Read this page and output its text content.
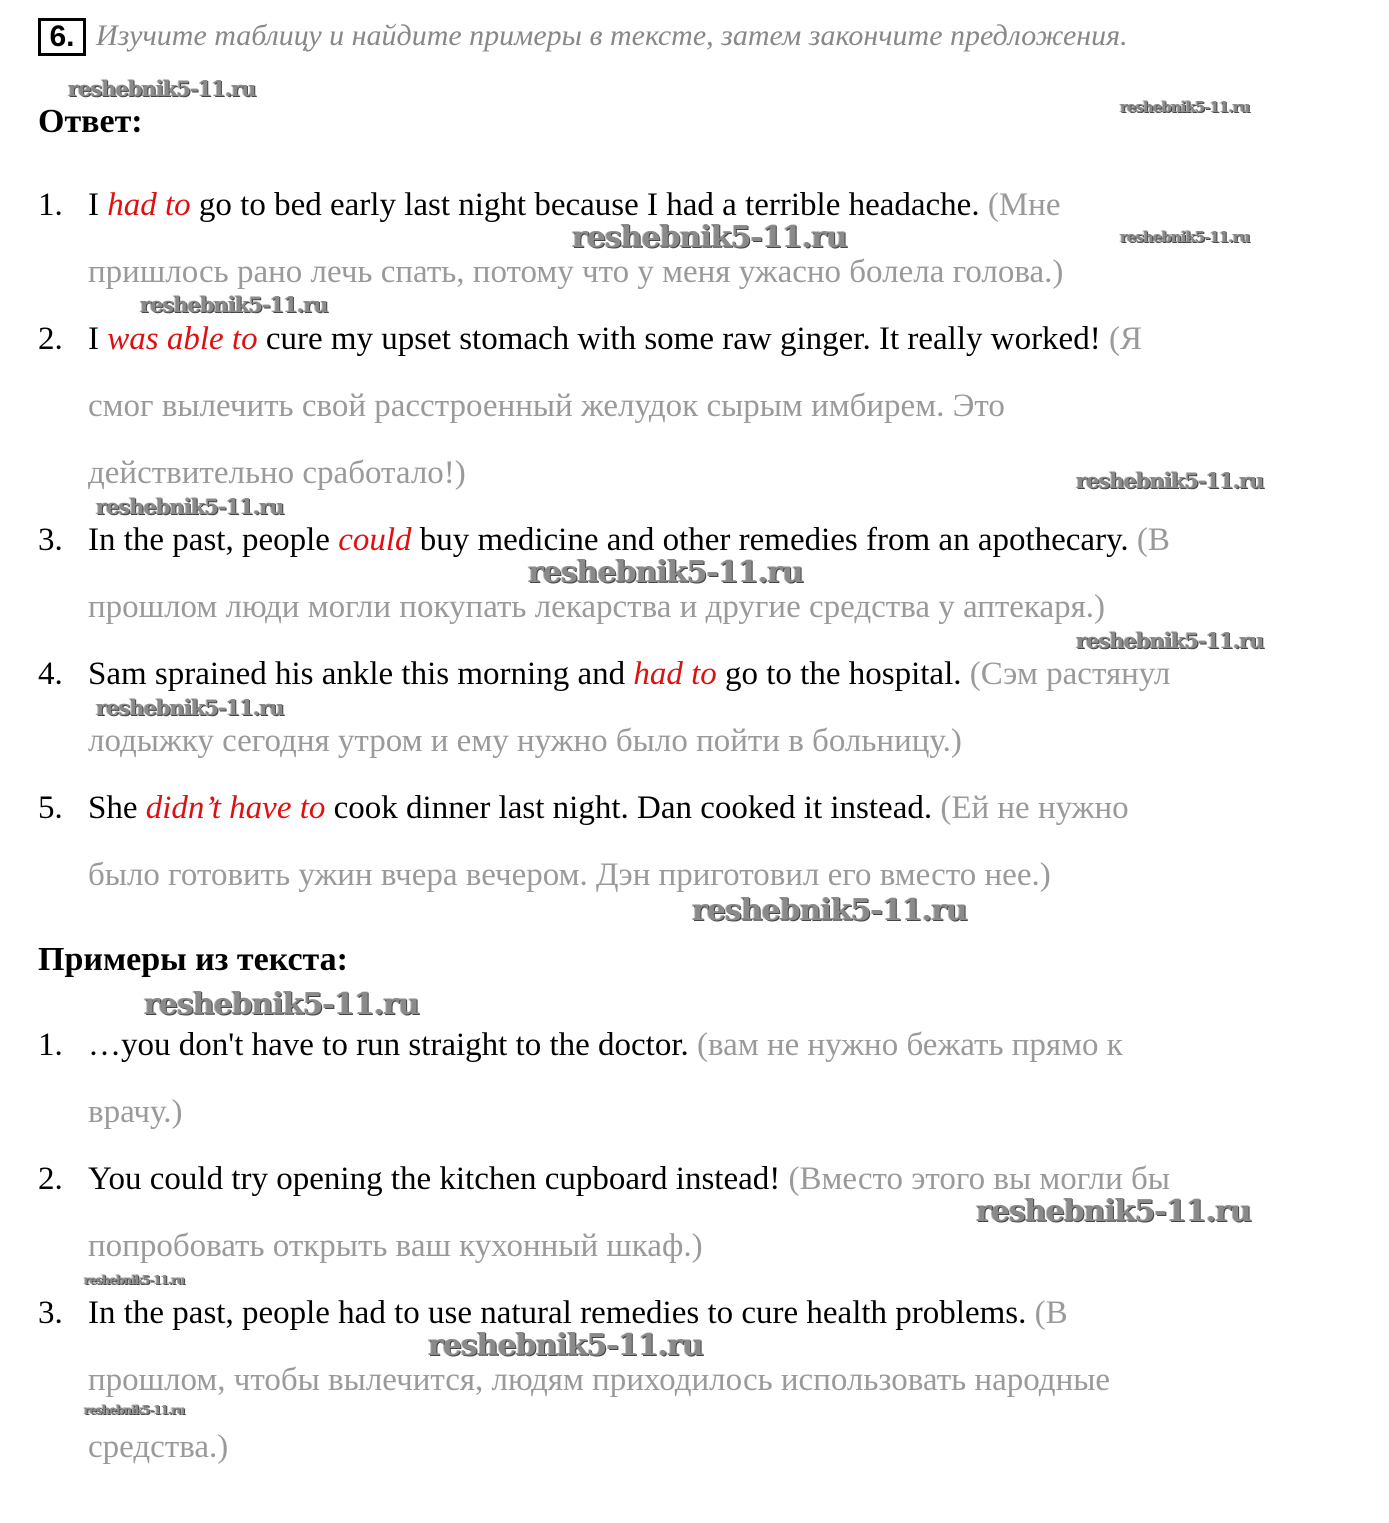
6. Изучите таблицу и найдите примеры в тексте, затем закончите предложения.
Ответ:
Примеры из текста:
1. I had to go to bed early last night because I had a terrible headache. (Мне
пришлось рано лечь спать, потому что у меня ужасно болела голова.)
2. I was able to cure my upset stomach with some raw ginger. It really worked! (Я
смог вылечить свой расстроенный желудок сырым имбирем. Это
действительно сработало!)
3. In the past, people could buy medicine and other remedies from an apothecary. (В
прошлом люди могли покупать лекарства и другие средства у аптекаря.)
4. Sam sprained his ankle this morning and had to go to the hospital. (Сэм растянул
лодыжку сегодня утром и ему нужно было пойти в больницу.)
5. She didn’t have to cook dinner last night. Dan cooked it instead. (Ей не нужно
было готовить ужин вчера вечером. Дэн приготовил его вместо нее.)
1. …you don't have to run straight to the doctor. (вам не нужно бежать прямо к
врачу.)
2. You could try opening the kitchen cupboard instead! (Вместо этого вы могли бы
попробовать открыть ваш кухонный шкаф.)
3. In the past, people had to use natural remedies to cure health problems. (В
прошлом, чтобы вылечится, людям приходилось использовать народные
средства.)
reshebnik5-11.ru
reshebnik5-11.ru
reshebnik5-11.ru	reshebnik5-11.ru
reshebnik5-11.ru
reshebnik5-11.ru
reshebnik5-11.ru
reshebnik5-11.ru
reshebnik5-11.ru
reshebnik5-11.ru
reshebnik5-11.ru
reshebnik5-11.ru
reshebnik5-11.ru
reshebnik5-11.ru
reshebnik5-11.ru
reshebnik5-11.ru
